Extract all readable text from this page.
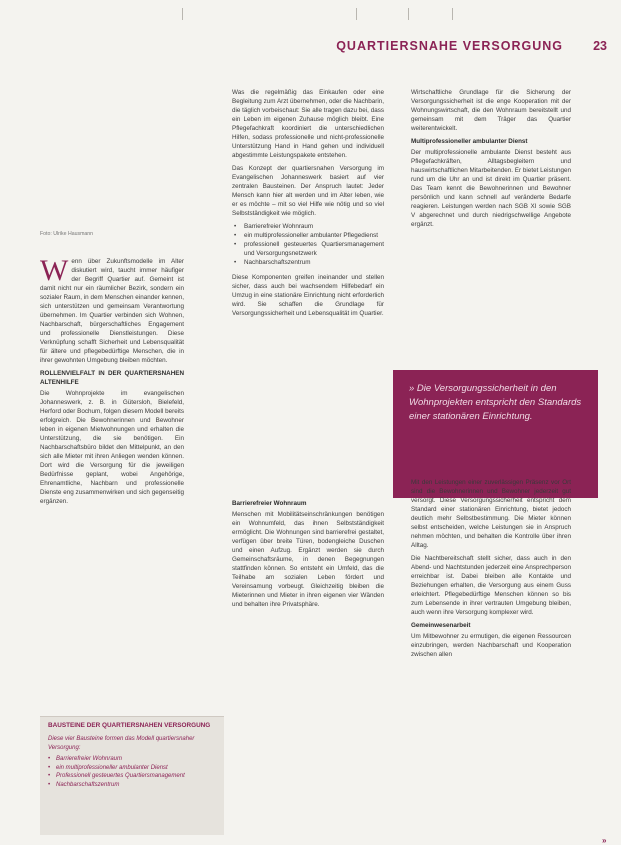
QUARTIERSNAHE VERSORGUNG 23
Foto: Ulrike Hausmann

Wenn über Zukunftsmodelle im Alter diskutiert wird, taucht immer häufiger der Begriff Quartier auf. Gemeint ist damit nicht nur ein räumlicher Bezirk, sondern ein sozialer Raum, in dem Menschen einander kennen, sich unterstützen und gemeinsam Verantwortung übernehmen. Im Quartier verbinden sich Wohnen, Nachbarschaft, bürgerschaftliches Engagement und professionelle Dienstleistungen. Diese Verknüpfung schafft Sicherheit und Lebensqualität für ältere und pflegebedürftige Menschen, die in ihrer gewohnten Umgebung bleiben möchten.

ROLLENVIELFALT IN DER QUARTIERSNAHEN ALTENHILFE

Die Wohnprojekte im evangelischen Johanneswerk, z. B. in Gütersloh, Bielefeld, Herford oder Bochum, folgen diesem Modell bereits erfolgreich. Die Bewohnerinnen und Bewohner leben in eigenen Mietwohnungen und erhalten die Unterstützung, die sie benötigen. Ein Nachbarschaftsbüro bildet den Mittelpunkt, an den sich alle Mieter mit ihren Anliegen wenden können. Dort wird die Versorgung für die jeweiligen Bedürfnisse geplant, wobei Angehörige, Ehrenamtliche, Nachbarn und professionelle Dienste eng zusammenwirken und sich gegenseitig ergänzen.

Was die regelmäßig das Einkaufen oder eine Begleitung zum Arzt übernehmen, oder die Nachbarin, die täglich vorbeischaut: Sie alle tragen dazu bei, dass ein Leben im eigenen Zuhause möglich bleibt. Eine Pflegefachkraft koordiniert die unterschiedlichen Hilfen, sodass professionelle und nicht-professionelle Unterstützung Hand in Hand gehen und individuell abgestimmte Leistungspakete entstehen.

Das Konzept der quartiersnahen Versorgung im Evangelischen Johanneswerk basiert auf vier zentralen Bausteinen. Der Anspruch lautet: Jeder Mensch kann hier alt werden und im Alter leben, wie er es möchte – mit so viel Hilfe wie nötig und so viel Selbstständigkeit wie möglich.

• Barrierefreier Wohnraum
• ein multiprofessioneller ambulanter Pflegedienst
• professionell gesteuertes Quartiersmanagement und Versorgungsnetzwerk
• Nachbarschaftszentrum

Diese Komponenten greifen ineinander und stellen sicher, dass auch bei wachsendem Hilfebedarf ein Umzug in eine stationäre Einrichtung nicht erforderlich wird. Sie schaffen die Grundlage für Versorgungssicherheit und Lebensqualität im Quartier.

Barrierefreier Wohnraum

Menschen mit Mobilitätseinschränkungen benötigen ein Wohnumfeld, das ihnen Selbstständigkeit ermöglicht. Die Wohnungen sind barrierefrei gestaltet, verfügen über breite Türen, bodengleiche Duschen und einen Aufzug. Ergänzt werden sie durch Gemeinschaftsräume, in denen Begegnungen stattfinden können. So entsteht ein Umfeld, das die Teilhabe am sozialen Leben fördert und Vereinsamung vorbeugt. Gleichzeitig bleiben die Mieterinnen und Mieter in ihren eigenen vier Wänden und behalten ihre Privatsphäre.

Wirtschaftliche Grundlage für die Sicherung der Versorgungssicherheit ist die enge Kooperation mit der Wohnungswirtschaft, die den Wohnraum bereitstellt und gemeinsam mit dem Träger das Quartier weiterentwickelt.

Multiprofessioneller ambulanter Dienst

Der multiprofessionelle ambulante Dienst besteht aus Pflegefachkräften, Alltagsbegleitern und hauswirtschaftlichen Mitarbeitenden. Er bietet Leistungen rund um die Uhr an und ist direkt im Quartier präsent. Das Team kennt die Bewohnerinnen und Bewohner persönlich und kann schnell auf veränderte Bedarfe reagieren. Leistungen werden nach SGB XI sowie SGB V abgerechnet und durch niedrigschwellige Angebote ergänzt.

» Die Versorgungssicherheit in den Wohnprojekten entspricht den Standards einer stationären Einrichtung.

Mit den Leistungen einer zuverlässigen Präsenz vor Ort sind die Bewohnerinnen und Bewohner jederzeit gut versorgt. Diese Versorgungssicherheit entspricht dem Standard einer stationären Einrichtung, bietet jedoch deutlich mehr Selbstbestimmung. Die Mieter können selbst entscheiden, welche Leistungen sie in Anspruch nehmen möchten, und behalten die Kontrolle über ihren Alltag.

Die Nachtbereitschaft stellt sicher, dass auch in den Abend- und Nachtstunden jederzeit eine Ansprechperson erreichbar ist. Dabei bleiben alle Kontakte und Beziehungen erhalten, die Versorgung aus einem Guss erleichtert. Pflegebedürftige Menschen können so bis zum Lebensende in ihrer vertrauten Umgebung bleiben, auch wenn ihre Versorgung komplexer wird.

Gemeinwesenarbeit

Um Mitbewohner zu ermutigen, die eigenen Ressourcen einzubringen, werden Nachbarschaft und Kooperation zwischen allen

BAUSTEINE DER QUARTIERSNAHEN VERSORGUNG
Diese vier Bausteine formen das Modell quartiersnaher Versorgung:
• Barrierefreier Wohnraum
• ein multiprofessioneller ambulanter Dienst
• Professionell gesteuertes Quartiersmanagement
• Nachbarschaftszentrum
»
